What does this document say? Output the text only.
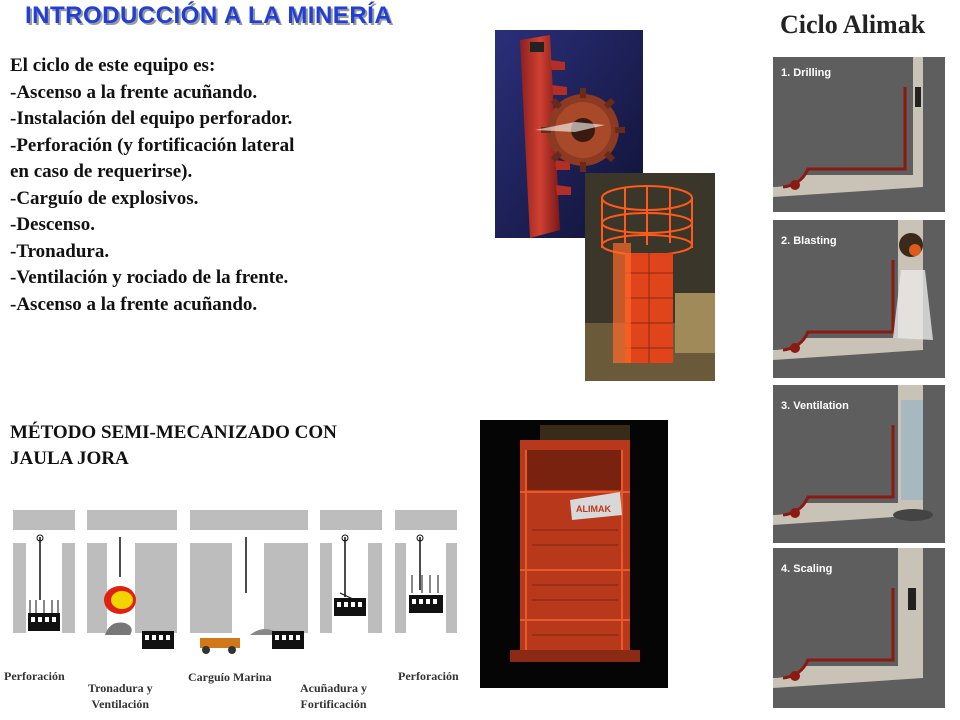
INTRODUCCIÓN A LA MINERÍA	Ciclo Alimak
El ciclo de este equipo es:
-Ascenso a la frente acuñando.
-Instalación del equipo perforador.
-Perforación (y fortificación lateral
en caso de requerirse).
-Carguío de explosivos.
-Descenso.
-Tronadura.
-Ventilación y rociado de la frente.
-Ascenso a la frente acuñando.
MÉTODO SEMI-MECANIZADO CON
JAULA JORA
ALIMAK
1. Drilling
2. Blasting
3. Ventilation
4. Scaling
Perforación
Tronadura y
Ventilación
Carguío Marina
Acuñadura y
Fortificación
Perforación
